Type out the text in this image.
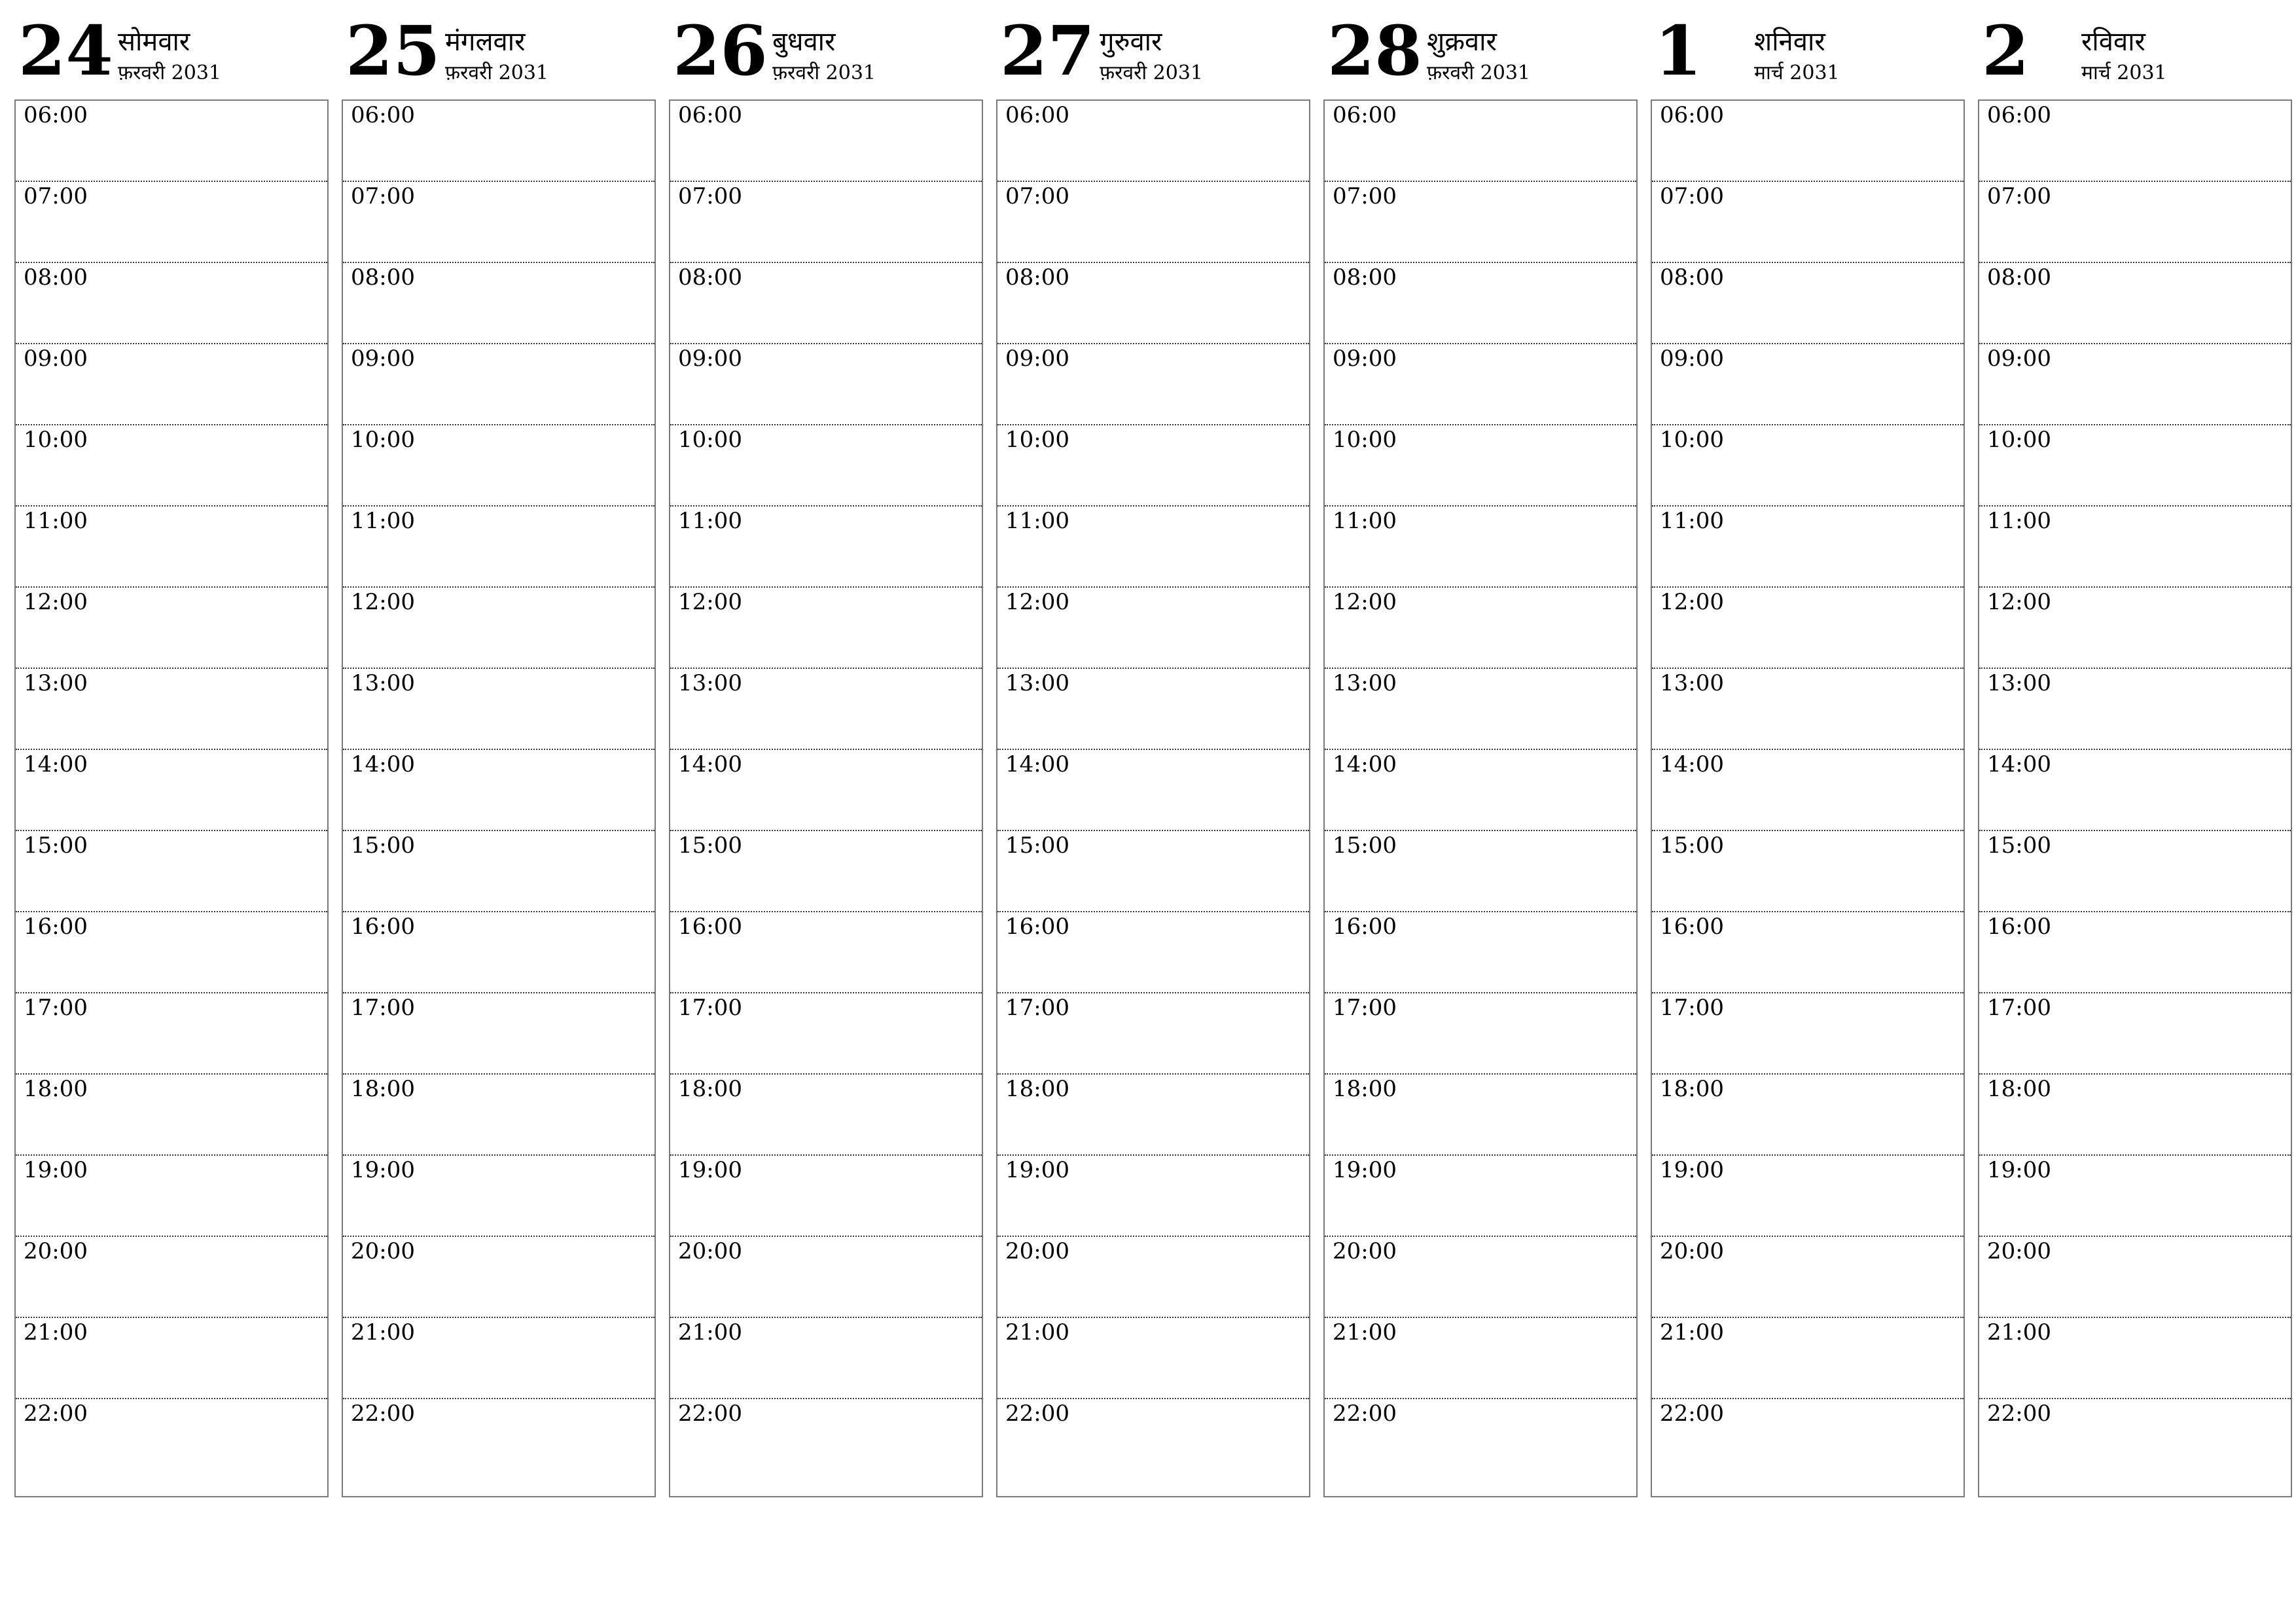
24 सोमवार
फ़रवरी 2031
06:00
07:00
08:00
09:00
10:00
11:00
12:00
13:00
14:00
15:00
16:00
17:00
18:00
19:00
20:00
21:00
22:00
25 मंगलवार
फ़रवरी 2031
06:00
07:00
08:00
09:00
10:00
11:00
12:00
13:00
14:00
15:00
16:00
17:00
18:00
19:00
20:00
21:00
22:00
26 बुधवार
फ़रवरी 2031
06:00
07:00
08:00
09:00
10:00
11:00
12:00
13:00
14:00
15:00
16:00
17:00
18:00
19:00
20:00
21:00
22:00
27 गुरुवार
फ़रवरी 2031
06:00
07:00
08:00
09:00
10:00
11:00
12:00
13:00
14:00
15:00
16:00
17:00
18:00
19:00
20:00
21:00
22:00
28 शुक्रवार
फ़रवरी 2031
06:00
07:00
08:00
09:00
10:00
11:00
12:00
13:00
14:00
15:00
16:00
17:00
18:00
19:00
20:00
21:00
22:00
1 शनिवार
मार्च 2031
06:00
07:00
08:00
09:00
10:00
11:00
12:00
13:00
14:00
15:00
16:00
17:00
18:00
19:00
20:00
21:00
22:00
2 रविवार
मार्च 2031
06:00
07:00
08:00
09:00
10:00
11:00
12:00
13:00
14:00
15:00
16:00
17:00
18:00
19:00
20:00
21:00
22:00
